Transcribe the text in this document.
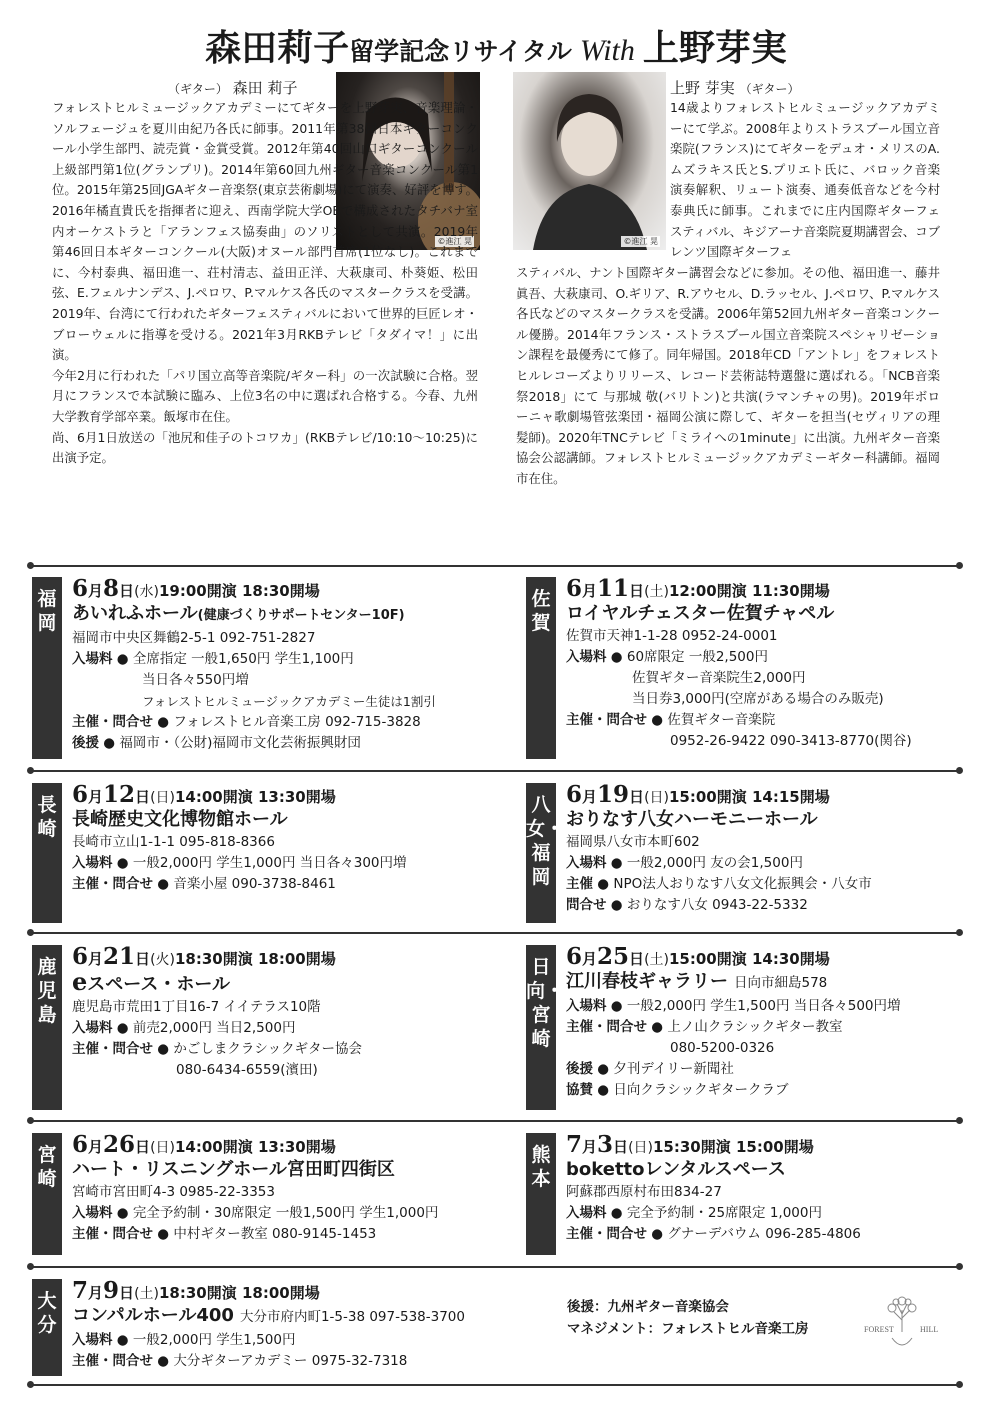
森田莉子留学記念リサイタル With 上野芽実
（ギター） 森田 莉子	上野 芽実 （ギター）
©進江 晃	©進江 晃

フォレストヒルミュージックアカデミーにてギターを上野芽実、音楽理論・ソルフェージュを夏川由紀乃各氏に師事。2011年第38回日本ギターコンクール小学生部門、読売賞・金賞受賞。2012年第40回山口ギターコンクール上級部門第1位(グランプリ)。2014年第60回九州ギター音楽コンクール第1位。2015年第25回JGAギター音楽祭(東京芸術劇場)にて演奏、好評を博す。2016年橘直貴氏を指揮者に迎え、西南学院大学OBで構成されたタチバナ室内オーケストラと「アランフェス協奏曲」のソリストとして共演。2019年第46回日本ギターコンクール(大阪)オヌール部門首席(1位なし)。これまでに、今村泰典、福田進一、荘村清志、益田正洋、大萩康司、朴葵姫、松田弦、E.フェルナンデス、J.ペロワ、P.マルケス各氏のマスタークラスを受講。2019年、台湾にて行われたギターフェスティバルにおいて世界的巨匠レオ・ブローウェルに指導を受ける。2021年3月RKBテレビ「タダイマ！」に出演。
今年2月に行われた「パリ国立高等音楽院/ギター科」の一次試験に合格。翌月にフランスで本試験に臨み、上位3名の中に選ばれ合格する。今春、九州大学教育学部卒業。飯塚市在住。
尚、6月1日放送の「池尻和佳子のトコワカ」(RKBテレビ/10:10〜10:25)に出演予定。

14歳よりフォレストヒルミュージックアカデミーにて学ぶ。2008年よりストラスブール国立音楽院(フランス)にてギターをデュオ・メリスのA.ムズラキス氏とS.プリエト氏に、バロック音楽演奏解釈、リュート演奏、通奏低音などを今村泰典氏に師事。これまでに庄内国際ギターフェスティバル、キジアーナ音楽院夏期講習会、コブレンツ国際ギターフェ

スティバル、ナント国際ギター講習会などに参加。その他、福田進一、藤井眞吾、大萩康司、O.ギリア、R.アウセル、D.ラッセル、J.ペロワ、P.マルケス各氏などのマスタークラスを受講。2006年第52回九州ギター音楽コンクール優勝。2014年フランス・ストラスブール国立音楽院スペシャリゼーション課程を最優秀にて修了。同年帰国。2018年CD「アントレ」をフォレストヒルレコーズよりリリース、レコード芸術誌特選盤に選ばれる。「NCB音楽祭2018」にて 与那城 敬(バリトン)と共演(ラマンチャの男)。2019年ボローニャ歌劇場管弦楽団・福岡公演に際して、ギターを担当(セヴィリアの理髪師)。2020年TNCテレビ「ミライへの1minute」に出演。九州ギター音楽協会公認講師。フォレストヒルミュージックアカデミーギター科講師。福岡市在住。

福岡
6月8日(水)19:00開演 18:30開場
あいれふホール(健康づくりサポートセンター10F)
福岡市中央区舞鶴2-5-1 092-751-2827
入場料 ● 全席指定 一般1,650円 学生1,100円
当日各々550円増
フォレストヒルミュージックアカデミー生徒は1割引
主催・問合せ ● フォレストヒル音楽工房 092-715-3828
後援 ● 福岡市・（公財)福岡市文化芸術振興財団
佐賀
6月11日(土)12:00開演 11:30開場
ロイヤルチェスター佐賀チャペル
佐賀市天神1-1-28 0952-24-0001
入場料 ● 60席限定 一般2,500円
佐賀ギター音楽院生2,000円
当日券3,000円(空席がある場合のみ販売)
主催・問合せ ● 佐賀ギター音楽院
0952-26-9422 090-3413-8770(関谷)
長崎
6月12日(日)14:00開演 13:30開場
長崎歴史文化博物館ホール
長崎市立山1-1-1 095-818-8366
入場料 ● 一般2,000円 学生1,000円 当日各々300円増
主催・問合せ ● 音楽小屋 090-3738-8461
八女・福岡
6月19日(日)15:00開演 14:15開場
おりなす八女ハーモニーホール
福岡県八女市本町602
入場料 ● 一般2,000円 友の会1,500円
主催 ● NPO法人おりなす八女文化振興会・八女市
問合せ ● おりなす八女 0943-22-5332
鹿児島
6月21日(火)18:30開演 18:00開場
eスペース・ホール
鹿児島市荒田1丁目16-7 イイテラス10階
入場料 ● 前売2,000円 当日2,500円
主催・問合せ ● かごしまクラシックギター協会
080-6434-6559(濱田)
日向・宮崎
6月25日(土)15:00開演 14:30開場
江川春枝ギャラリー 日向市細島578
入場料 ● 一般2,000円 学生1,500円 当日各々500円増
主催・問合せ ● 上ノ山クラシックギター教室
080-5200-0326
後援 ● 夕刊デイリー新聞社
協賛 ● 日向クラシックギタークラブ
宮崎
6月26日(日)14:00開演 13:30開場
ハート・リスニングホール宮田町四街区
宮崎市宮田町4-3 0985-22-3353
入場料 ● 完全予約制・30席限定 一般1,500円 学生1,000円
主催・問合せ ● 中村ギター教室 080-9145-1453
熊本
7月3日(日)15:30開演 15:00開場
bokettoレンタルスペース
阿蘇郡西原村布田834-27
入場料 ● 完全予約制・25席限定 1,000円
主催・問合せ ● グナーデバウム 096-285-4806
大分
7月9日(土)18:30開演 18:00開場
コンパルホール400 大分市府内町1-5-38 097-538-3700
入場料 ● 一般2,000円 学生1,500円
主催・問合せ ● 大分ギターアカデミー 0975-32-7318
後援：九州ギター音楽協会
マネジメント：フォレストヒル音楽工房	FOREST	HILL
